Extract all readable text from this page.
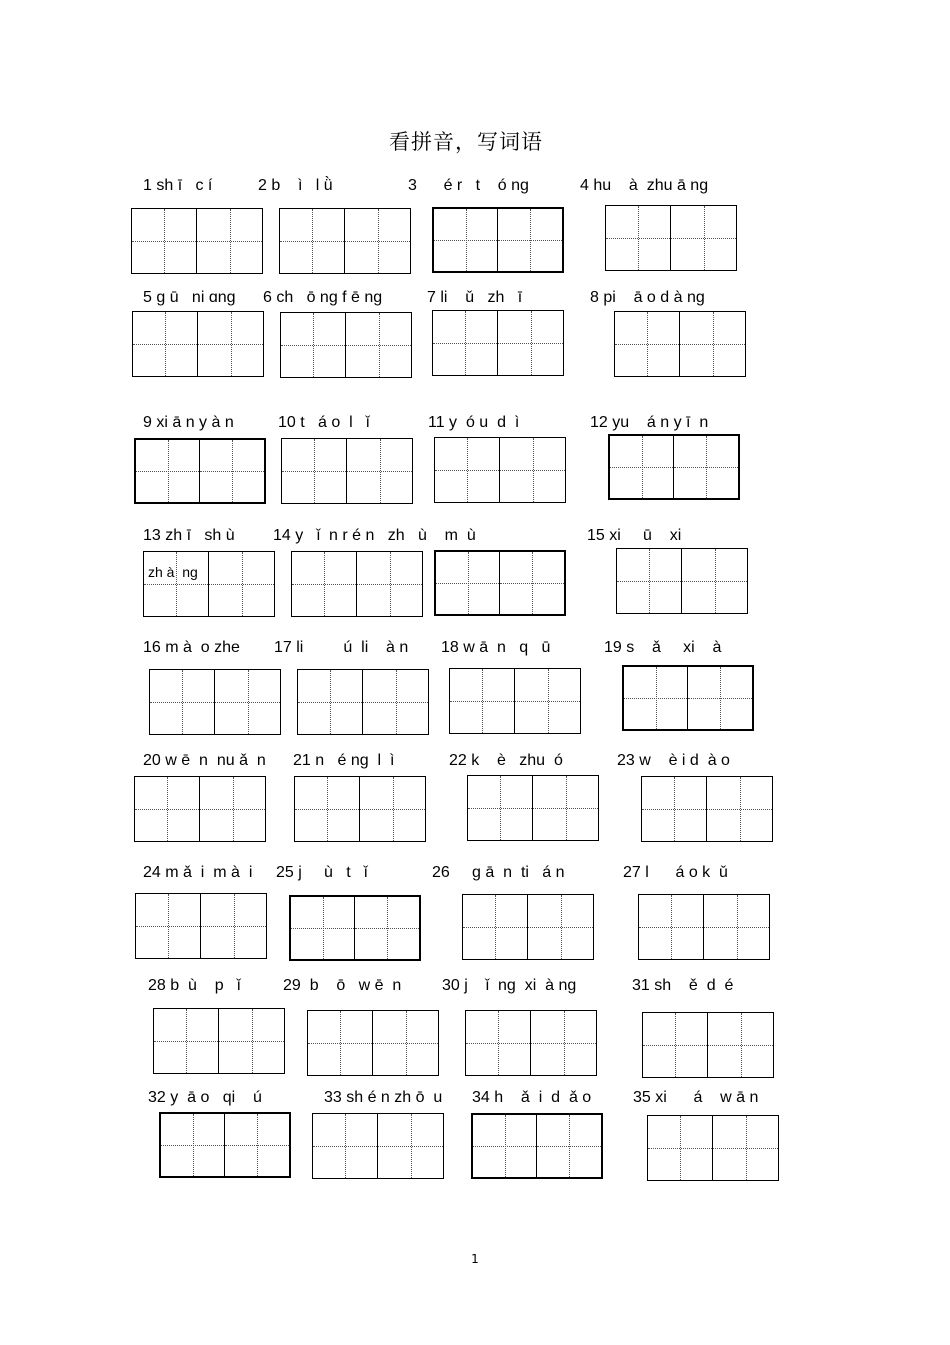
看拼音，写词语
1 sh ī   c í	2 b    ì   l ǜ	3      é r   t    ó ng	4 hu    à  zhu ā ng
5 g ū   ni ɑng 6 ch   ō ng f ē ng	7 li    ǔ   zh   ī	8 pi    ā o d à ng
9 xi ā n y à n	10 t   á o  l   ǐ	11 y  ó u  d  ì	12 yu    á n y ī  n
13 zh ī   sh ù 14 y   ǐ  n r é n   zh   ù    m  ù	15 xi     ū    xi
zh à  ng
16 m à  o zhe 17 li         ú  li    à n 18 w ā  n   q   ū	19 s    ǎ     xi    à
20 w ē  n  nu ǎ  n 21 n   é ng  l  ì	22 k    è   zhu  ó	23 w    è i d  à o
24 m ǎ  i  m à  i 25 j     ù   t   ǐ	26     g ā  n  ti   á n	27 l      á o k  ǔ
28 b  ù    p   ǐ	29  b    ō   w ē  n	30 j    ǐ  ng  xi  à ng	31 sh    ě  d  é
32 y  ā o   qi    ú	33 sh é n zh ō  u 34 h    ǎ  i  d  ǎ o	35 xi      á    w ā n
1
